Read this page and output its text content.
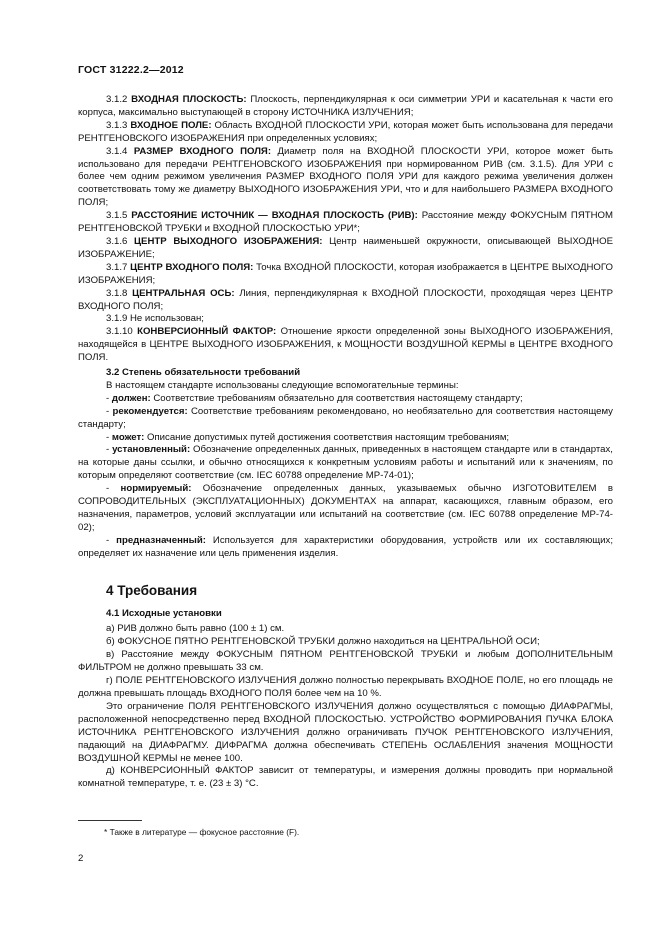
ГОСТ 31222.2—2012

3.1.2 ВХОДНАЯ ПЛОСКОСТЬ: Плоскость, перпендикулярная к оси симметрии УРИ и касательная к части его корпуса, максимально выступающей в сторону ИСТОЧНИКА ИЗЛУЧЕНИЯ;

3.1.3 ВХОДНОЕ ПОЛЕ: Область ВХОДНОЙ ПЛОСКОСТИ УРИ, которая может быть использована для передачи РЕНТГЕНОВСКОГО ИЗОБРАЖЕНИЯ при определенных условиях;

3.1.4 РАЗМЕР ВХОДНОГО ПОЛЯ: Диаметр поля на ВХОДНОЙ ПЛОСКОСТИ УРИ, которое может быть использовано для передачи РЕНТГЕНОВСКОГО ИЗОБРАЖЕНИЯ при нормированном РИВ (см. 3.1.5). Для УРИ с более чем одним режимом увеличения РАЗМЕР ВХОДНОГО ПОЛЯ УРИ для каждого режима увеличения должен соответствовать тому же диаметру ВЫХОДНОГО ИЗОБРАЖЕНИЯ УРИ, что и для наибольшего РАЗМЕРА ВХОДНОГО ПОЛЯ;

3.1.5 РАССТОЯНИЕ ИСТОЧНИК — ВХОДНАЯ ПЛОСКОСТЬ (РИВ): Расстояние между ФОКУСНЫМ ПЯТНОМ РЕНТГЕНОВСКОЙ ТРУБКИ и ВХОДНОЙ ПЛОСКОСТЬЮ УРИ*;

3.1.6 ЦЕНТР ВЫХОДНОГО ИЗОБРАЖЕНИЯ: Центр наименьшей окружности, описывающей ВЫХОДНОЕ ИЗОБРАЖЕНИЕ;

3.1.7 ЦЕНТР ВХОДНОГО ПОЛЯ: Точка ВХОДНОЙ ПЛОСКОСТИ, которая изображается в ЦЕНТРЕ ВЫХОДНОГО ИЗОБРАЖЕНИЯ;

3.1.8 ЦЕНТРАЛЬНАЯ ОСЬ: Линия, перпендикулярная к ВХОДНОЙ ПЛОСКОСТИ, проходящая через ЦЕНТР ВХОДНОГО ПОЛЯ;

3.1.9 Не использован;

3.1.10 КОНВЕРСИОННЫЙ ФАКТОР: Отношение яркости определенной зоны ВЫХОДНОГО ИЗОБРАЖЕНИЯ, находящейся в ЦЕНТРЕ ВЫХОДНОГО ИЗОБРАЖЕНИЯ, к МОЩНОСТИ ВОЗДУШНОЙ КЕРМЫ в ЦЕНТРЕ ВХОДНОГО ПОЛЯ.

3.2 Степень обязательности требований

В настоящем стандарте использованы следующие вспомогательные термины:

- должен: Соответствие требованиям обязательно для соответствия настоящему стандарту;

- рекомендуется: Соответствие требованиям рекомендовано, но необязательно для соответствия настоящему стандарту;

- может: Описание допустимых путей достижения соответствия настоящим требованиям;

- установленный: Обозначение определенных данных, приведенных в настоящем стандарте или в стандартах, на которые даны ссылки, и обычно относящихся к конкретным условиям работы и испытаний или к значениям, по которым определяют соответствие (см. IEC 60788 определение MP-74-01);

- нормируемый: Обозначение определенных данных, указываемых обычно ИЗГОТОВИТЕЛЕМ в СОПРОВОДИТЕЛЬНЫХ (ЭКСПЛУАТАЦИОННЫХ) ДОКУМЕНТАХ на аппарат, касающихся, главным образом, его назначения, параметров, условий эксплуатации или испытаний на соответствие (см. IEC 60788 определение MP-74-02);

- предназначенный: Используется для характеристики оборудования, устройств или их составляющих; определяет их назначение или цель применения изделия.

4 Требования

4.1 Исходные установки

а) РИВ должно быть равно (100 ± 1) см.

б) ФОКУСНОЕ ПЯТНО РЕНТГЕНОВСКОЙ ТРУБКИ должно находиться на ЦЕНТРАЛЬНОЙ ОСИ;

в) Расстояние между ФОКУСНЫМ ПЯТНОМ РЕНТГЕНОВСКОЙ ТРУБКИ и любым ДОПОЛНИТЕЛЬНЫМ ФИЛЬТРОМ не должно превышать 33 см.

г) ПОЛЕ РЕНТГЕНОВСКОГО ИЗЛУЧЕНИЯ должно полностью перекрывать ВХОДНОЕ ПОЛЕ, но его площадь не должна превышать площадь ВХОДНОГО ПОЛЯ более чем на 10 %.

Это ограничение ПОЛЯ РЕНТГЕНОВСКОГО ИЗЛУЧЕНИЯ должно осуществляться с помощью ДИАФРАГМЫ, расположенной непосредственно перед ВХОДНОЙ ПЛОСКОСТЬЮ. УСТРОЙСТВО ФОРМИРОВАНИЯ ПУЧКА БЛОКА ИСТОЧНИКА РЕНТГЕНОВСКОГО ИЗЛУЧЕНИЯ должно ограничивать ПУЧОК РЕНТГЕНОВСКОГО ИЗЛУЧЕНИЯ, падающий на ДИАФРАГМУ. ДИФРАГМА должна обеспечивать СТЕПЕНЬ ОСЛАБЛЕНИЯ значения МОЩНОСТИ ВОЗДУШНОЙ КЕРМЫ не менее 100.

д) КОНВЕРСИОННЫЙ ФАКТОР зависит от температуры, и измерения должны проводить при нормальной комнатной температуре, т. е. (23 ± 3) °С.

* Также в литературе — фокусное расстояние (F).
2
